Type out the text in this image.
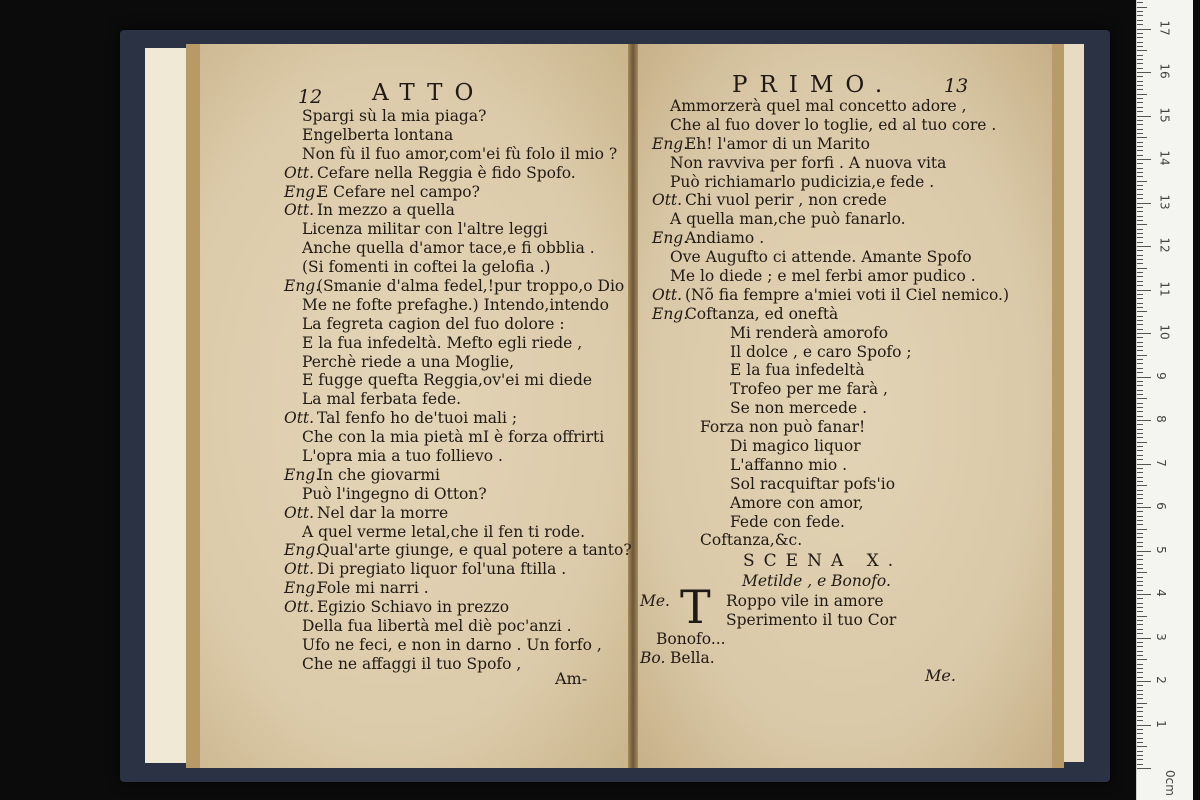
12 ATTO
Spargi sù la mia piaga?
Engelberta lontana
Non fù il fuo amor,com'ei fù folo il mio ?
Ott. Cefare nella Reggia è fido Spofo.
Eng. E Cefare nel campo?
Ott. In mezzo a quella
Licenza militar con l'altre leggi
Anche quella d'amor tace,e fi obblia .
(Si fomenti in coftei la gelofia .)
Eng. (Smanie d'alma fedel,!pur troppo,o Dio
Me ne fofte prefaghe.) Intendo,intendo
La fegreta cagion del fuo dolore :
E la fua infedeltà. Mefto egli riede ,
Perchè riede a una Moglie,
E fugge quefta Reggia,ov'ei mi diede
La mal ferbata fede.
Ott. Tal fenfo ho de'tuoi mali ;
Che con la mia pietà mI è forza offrirti
L'opra mia a tuo follievo .
Eng. In che giovarmi
Può l'ingegno di Otton?
Ott. Nel dar la morre
A quel verme letal,che il fen ti rode.
Eng. Qual'arte giunge, e qual potere a tanto?
Ott. Di pregiato liquor fol'una ftilla .
Eng. Fole mi narri .
Ott. Egizio Schiavo in prezzo
Della fua libertà mel diè poc'anzi .
Ufo ne feci, e non in darno . Un forfo ,
Che ne affaggi il tuo Spofo ,
Am-
PRIMO.	13
Ammorzerà quel mal concetto adore ,
Che al fuo dover lo toglie, ed al tuo core .
Eng. Eh! l'amor di un Marito
Non ravviva per forfi . A nuova vita
Può richiamarlo pudicizia,e fede .
Ott. Chi vuol perir , non crede
A quella man,che può fanarlo.
Eng. Andiamo .
Ove Augufto ci attende. Amante Spofo
Me lo diede ; e mel ferbi amor pudico .
Ott. (Nõ fia fempre a'miei voti il Ciel nemico.)
Eng. Coftanza, ed oneftà
Mi renderà amorofo
Il dolce , e caro Spofo ;
E la fua infedeltà
Trofeo per me farà ,
Se non mercede .
Forza non può fanar!
Di magico liquor
L'affanno mio .
Sol racquiftar pofs'io
Amore con amor,
Fede con fede.
Coftanza,&c.
SCENA X.
Metilde , e Bonofo.
Me. T Roppo vile in amore
Sperimento il tuo Cor
Bonofo...
Bo. Bella.
Me.
1
2
3
4
5
6
7
8
9
10
11
12
13
14
15
16
17
0cm
